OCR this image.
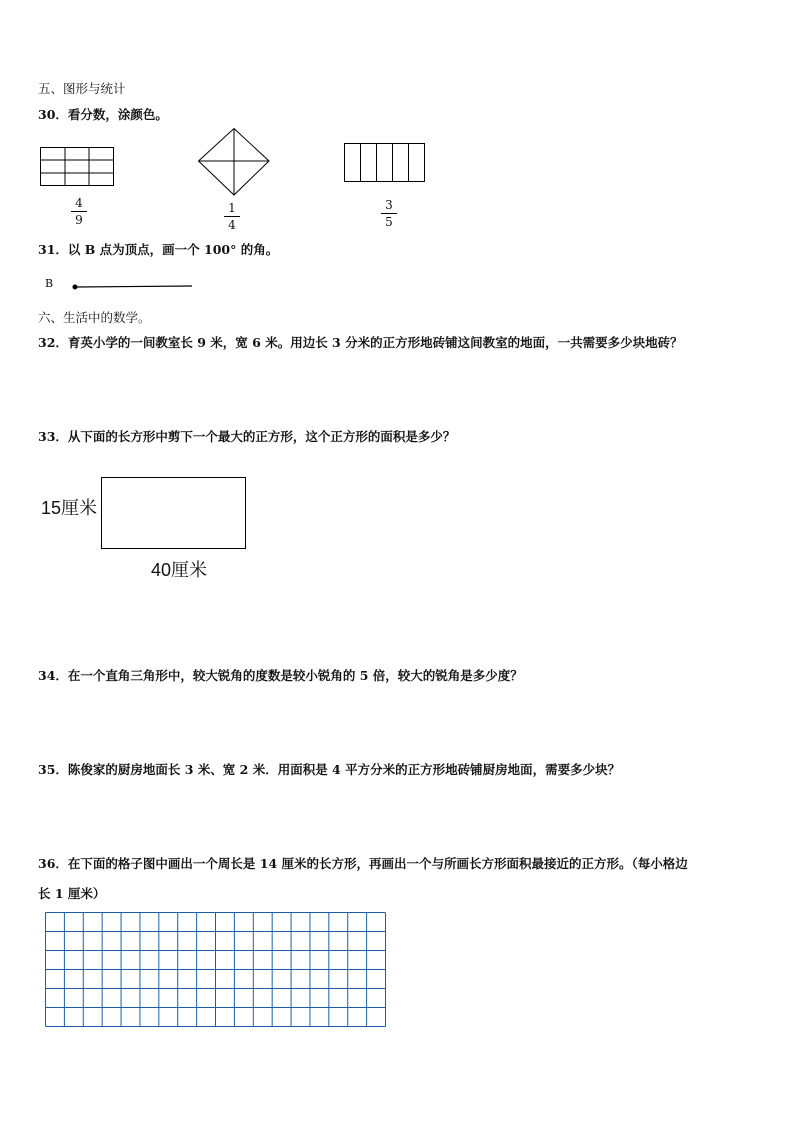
五、图形与统计
30．看分数，涂颜色。
4
9
1
4
3
5
31．以 B 点为顶点，画一个 100° 的角。
B
六、生活中的数学。
32．育英小学的一间教室长 9 米，宽 6 米。用边长 3 分米的正方形地砖铺这间教室的地面，一共需要多少块地砖？
33．从下面的长方形中剪下一个最大的正方形，这个正方形的面积是多少？
15厘米
40厘米
34．在一个直角三角形中，较大锐角的度数是较小锐角的 5 倍，较大的锐角是多少度？
35．陈俊家的厨房地面长 3 米、宽 2 米．用面积是 4 平方分米的正方形地砖铺厨房地面，需要多少块？
36．在下面的格子图中画出一个周长是 14 厘米的长方形，再画出一个与所画长方形面积最接近的正方形。（每小格边
长 1 厘米）
